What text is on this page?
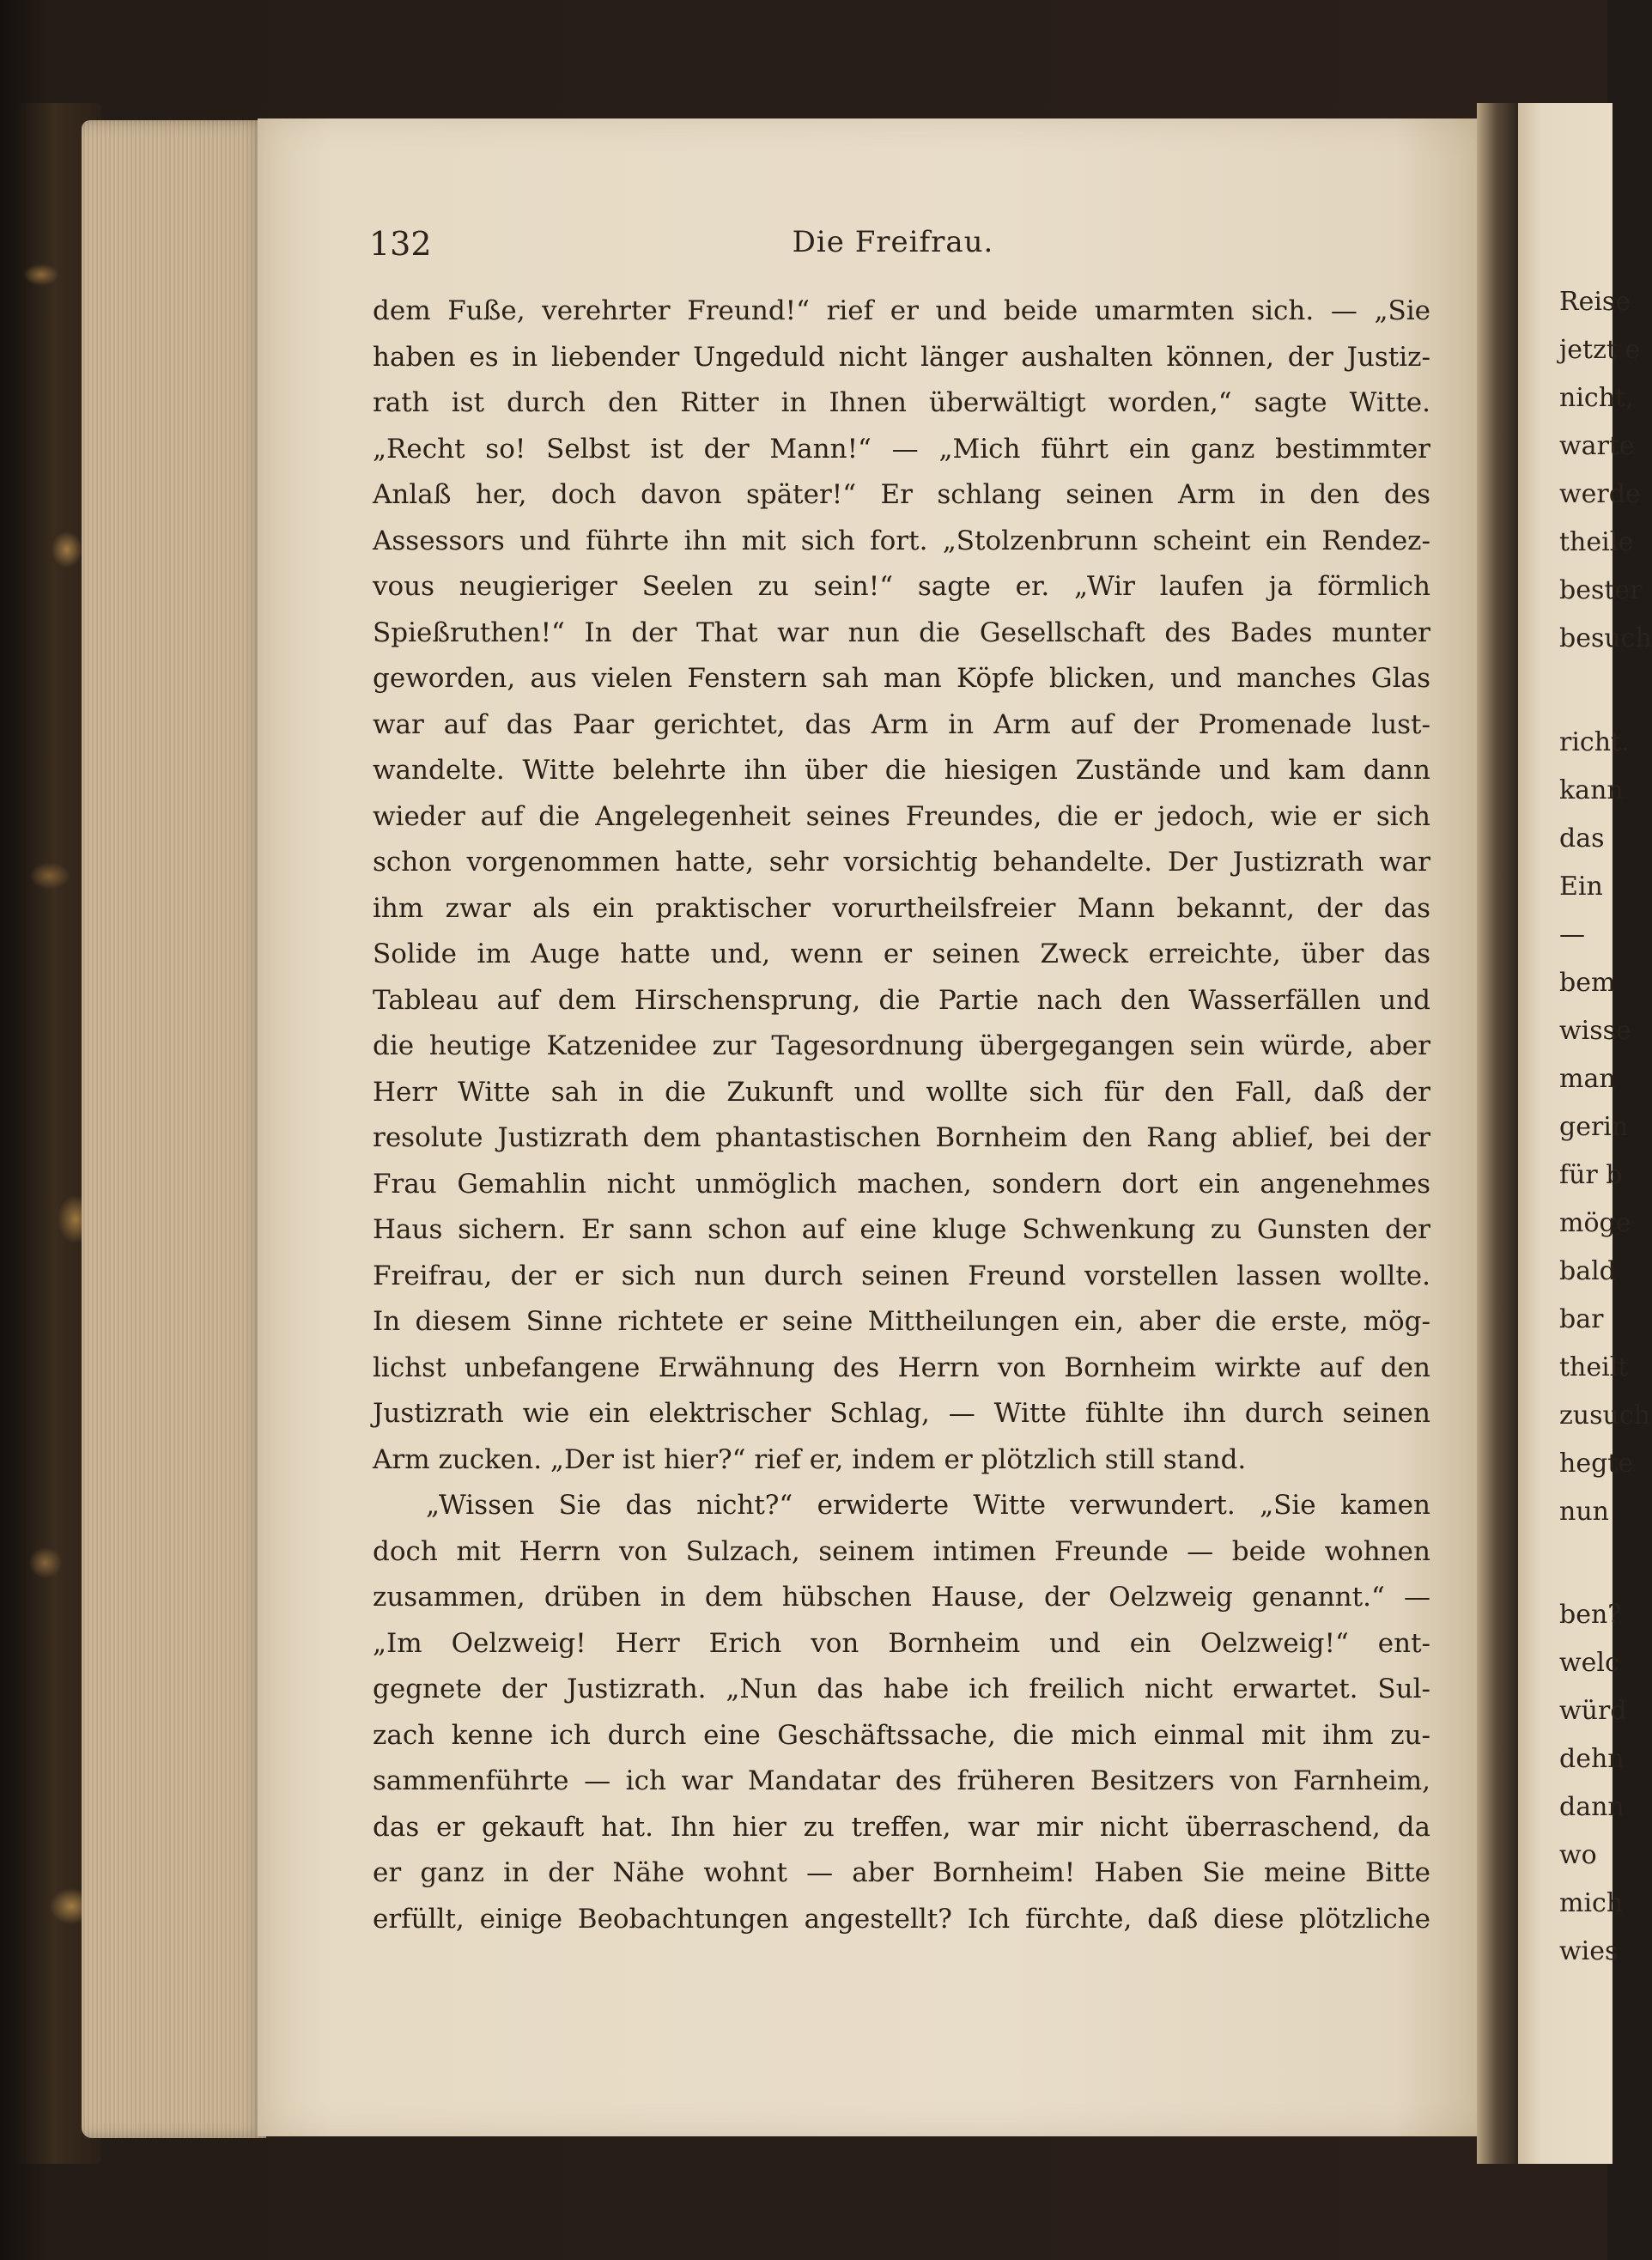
Reise
jetzt e
nicht,
warte
werde
theile
bester
besuch
richt.
kann
das
Ein
—
bem
wisse
man
gerin
für b
möge
bald
bar
theilt
zusuch
hegte
nun
ben?
welc
würd
dehn
dann
wo
mich
wies
132	Die Freifrau.
dem Fuße, verehrter Freund!“ rief er und beide umarmten sich. — „Sie
haben es in liebender Ungeduld nicht länger aushalten können, der Justiz-
rath ist durch den Ritter in Ihnen überwältigt worden,“ sagte Witte.
„Recht so! Selbst ist der Mann!“ — „Mich führt ein ganz bestimmter
Anlaß her, doch davon später!“ Er schlang seinen Arm in den des
Assessors und führte ihn mit sich fort. „Stolzenbrunn scheint ein Rendez-
vous neugieriger Seelen zu sein!“ sagte er. „Wir laufen ja förmlich
Spießruthen!“ In der That war nun die Gesellschaft des Bades munter
geworden, aus vielen Fenstern sah man Köpfe blicken, und manches Glas
war auf das Paar gerichtet, das Arm in Arm auf der Promenade lust-
wandelte. Witte belehrte ihn über die hiesigen Zustände und kam dann
wieder auf die Angelegenheit seines Freundes, die er jedoch, wie er sich
schon vorgenommen hatte, sehr vorsichtig behandelte. Der Justizrath war
ihm zwar als ein praktischer vorurtheilsfreier Mann bekannt, der das
Solide im Auge hatte und, wenn er seinen Zweck erreichte, über das
Tableau auf dem Hirschensprung, die Partie nach den Wasserfällen und
die heutige Katzenidee zur Tagesordnung übergegangen sein würde, aber
Herr Witte sah in die Zukunft und wollte sich für den Fall, daß der
resolute Justizrath dem phantastischen Bornheim den Rang ablief, bei der
Frau Gemahlin nicht unmöglich machen, sondern dort ein angenehmes
Haus sichern. Er sann schon auf eine kluge Schwenkung zu Gunsten der
Freifrau, der er sich nun durch seinen Freund vorstellen lassen wollte.
In diesem Sinne richtete er seine Mittheilungen ein, aber die erste, mög-
lichst unbefangene Erwähnung des Herrn von Bornheim wirkte auf den
Justizrath wie ein elektrischer Schlag, — Witte fühlte ihn durch seinen
Arm zucken. „Der ist hier?“ rief er, indem er plötzlich still stand.
„Wissen Sie das nicht?“ erwiderte Witte verwundert. „Sie kamen
doch mit Herrn von Sulzach, seinem intimen Freunde — beide wohnen
zusammen, drüben in dem hübschen Hause, der Oelzweig genannt.“ —
„Im Oelzweig! Herr Erich von Bornheim und ein Oelzweig!“ ent-
gegnete der Justizrath. „Nun das habe ich freilich nicht erwartet. Sul-
zach kenne ich durch eine Geschäftssache, die mich einmal mit ihm zu-
sammenführte — ich war Mandatar des früheren Besitzers von Farnheim,
das er gekauft hat. Ihn hier zu treffen, war mir nicht überraschend, da
er ganz in der Nähe wohnt — aber Bornheim! Haben Sie meine Bitte
erfüllt, einige Beobachtungen angestellt? Ich fürchte, daß diese plötzliche
